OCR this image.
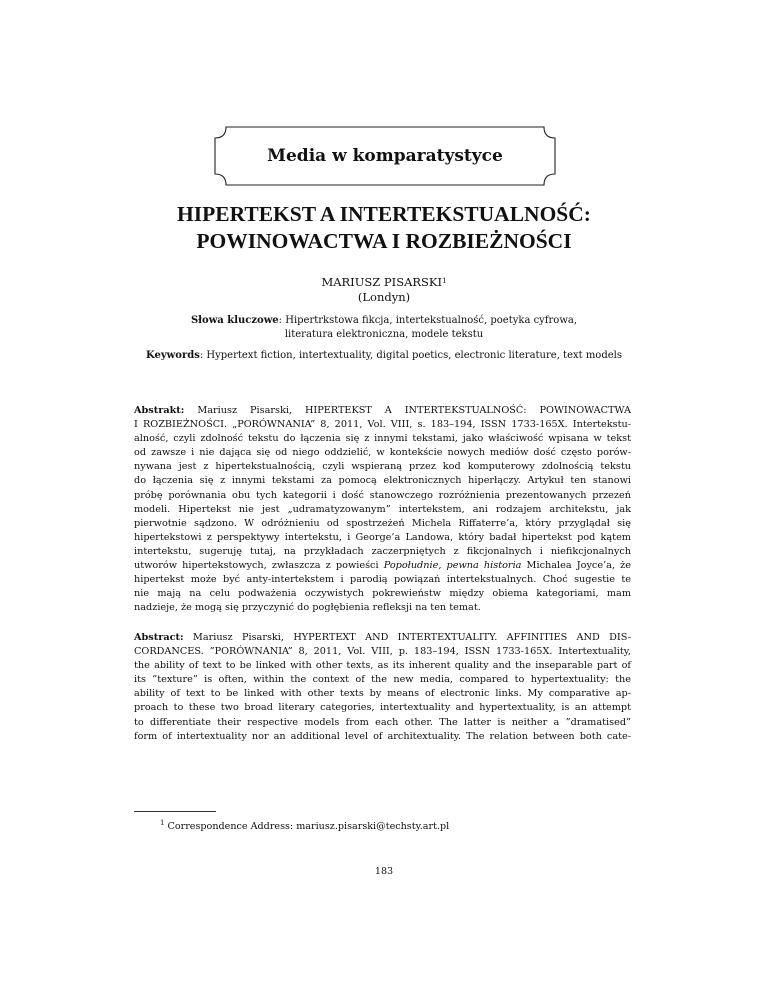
Media w komparatystyce
HIPERTEKST A INTERTEKSTUALNOŚĆ:
POWINOWACTWA I ROZBIEŻNOŚCI
MARIUSZ PISARSKI$^1$
(Londyn)
Słowa kluczowe: Hipertrkstowa fikcja, intertekstualność, poetyka cyfrowa,
literatura elektroniczna, modele tekstu
Keywords: Hypertext fiction, intertextuality, digital poetics, electronic literature, text models
Abstrakt: Mariusz Pisarski, HIPERTEKST A INTERTEKSTUALNOŚĆ: POWINOWACTWA
I ROZBIEŻNOŚCI. „PORÓWNANIA” 8, 2011, Vol. VIII, s. 183–194, ISSN 1733-165X. Intertekstu-
alność, czyli zdolność tekstu do łączenia się z innymi tekstami, jako właściwość wpisana w tekst
od zawsze i nie dająca się od niego oddzielić, w kontekście nowych mediów dość często porów-
nywana jest z hipertekstualnością, czyli wspieraną przez kod komputerowy zdolnością tekstu
do łączenia się z innymi tekstami za pomocą elektronicznych hiperłączy. Artykuł ten stanowi
próbę porównania obu tych kategorii i dość stanowczego rozróżnienia prezentowanych przezeń
modeli. Hipertekst nie jest „udramatyzowanym” intertekstem, ani rodzajem architekstu, jak
pierwotnie sądzono. W odróżnieniu od spostrzeżeń Michela Riffaterre’a, który przyglądał się
hipertekstowi z perspektywy intertekstu, i George’a Landowa, który badał hipertekst pod kątem
intertekstu, sugeruję tutaj, na przykładach zaczerpniętych z fikcjonalnych i niefikcjonalnych
utworów hipertekstowych, zwłaszcza z powieści Popołudnie, pewna historia Michalea Joyce’a, że
hipertekst może być anty-intertekstem i parodią powiązań intertekstualnych. Choć sugestie te
nie mają na celu podważenia oczywistych pokrewieństw między obiema kategoriami, mam
nadzieje, że mogą się przyczynić do pogłębienia refleksji na ten temat.
Abstract: Mariusz Pisarski, HYPERTEXT AND INTERTEXTUALITY. AFFINITIES AND DIS-
CORDANCES. ”PORÓWNANIA” 8, 2011, Vol. VIII, p. 183–194, ISSN 1733-165X. Intertextuality,
the ability of text to be linked with other texts, as its inherent quality and the inseparable part of
its ”texture” is often, within the context of the new media, compared to hypertextuality: the
ability of text to be linked with other texts by means of electronic links. My comparative ap-
proach to these two broad literary categories, intertextuality and hypertextuality, is an attempt
to differentiate their respective models from each other. The latter is neither a ”dramatised”
form of intertextuality nor an additional level of architextuality. The relation between both cate-
$^1$ Correspondence Address: mariusz.pisarski@techsty.art.pl
183
